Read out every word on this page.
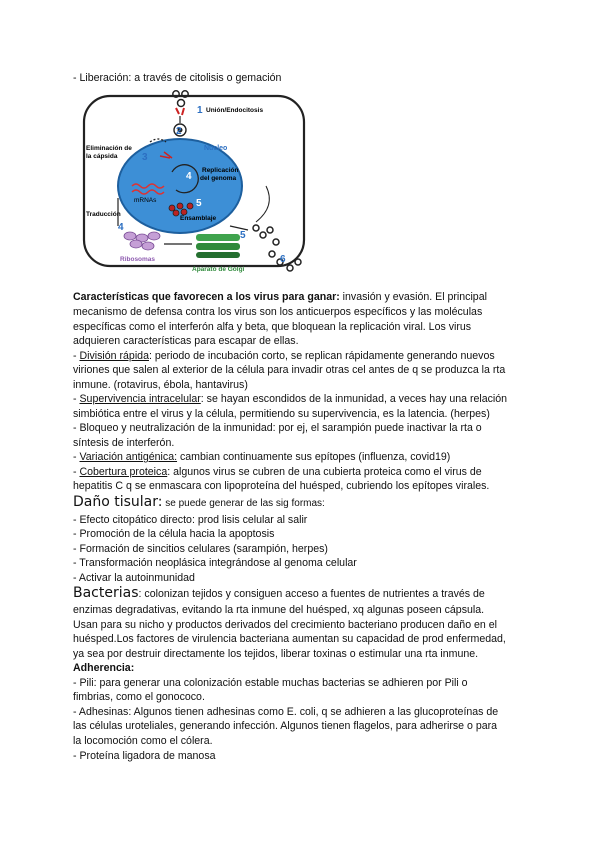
- Liberación: a través de citolisis o gemación
1 Unión/Endocitosis
2
3
Eliminación de
la cápsida
Núcleo
4
Replicación
del genoma
mRNAs	5
Ensamblaje
Traducción
4
Ribosomas
Aparato de Golgi
5
6
Características que favorecen a los virus para ganar: invasión y evasión. El principal
mecanismo de defensa contra los virus son los anticuerpos específicos y las moléculas
específicas como el interferón alfa y beta, que bloquean la replicación viral. Los virus
adquieren características para escapar de ellas.
- División rápida: periodo de incubación corto, se replican rápidamente generando nuevos
viriones que salen al exterior de la célula para invadir otras cel antes de q se produzca la rta
inmune. (rotavirus, ébola, hantavirus)
- Supervivencia intracelular: se hayan escondidos de la inmunidad, a veces hay una relación
simbiótica entre el virus y la célula, permitiendo su supervivencia, es la latencia. (herpes)
- Bloqueo y neutralización de la inmunidad: por ej, el sarampión puede inactivar la rta o
síntesis de interferón.
- Variación antigénica: cambian continuamente sus epítopes (influenza, covid19)
- Cobertura proteica: algunos virus se cubren de una cubierta proteica como el virus de
hepatitis C q se enmascara con lipoproteína del huésped, cubriendo los epítopes virales.
Daño tisular: se puede generar de las sig formas:
- Efecto citopático directo: prod lisis celular al salir
- Promoción de la célula hacia la apoptosis
- Formación de sincitios celulares (sarampión, herpes)
- Transformación neoplásica integrándose al genoma celular
- Activar la autoinmunidad
Bacterias: colonizan tejidos y consiguen acceso a fuentes de nutrientes a través de
enzimas degradativas, evitando la rta inmune del huésped, xq algunas poseen cápsula.
Usan para su nicho y productos derivados del crecimiento bacteriano producen daño en el
huésped.Los factores de virulencia bacteriana aumentan su capacidad de prod enfermedad,
ya sea por destruir directamente los tejidos, liberar toxinas o estimular una rta inmune.
Adherencia:
- Pili: para generar una colonización estable muchas bacterias se adhieren por Pili o
fimbrias, como el gonococo.
- Adhesinas: Algunos tienen adhesinas como E. coli, q se adhieren a las glucoproteínas de
las células uroteliales, generando infección. Algunos tienen flagelos, para adherirse o para
la locomoción como el cólera.
- Proteína ligadora de manosa
